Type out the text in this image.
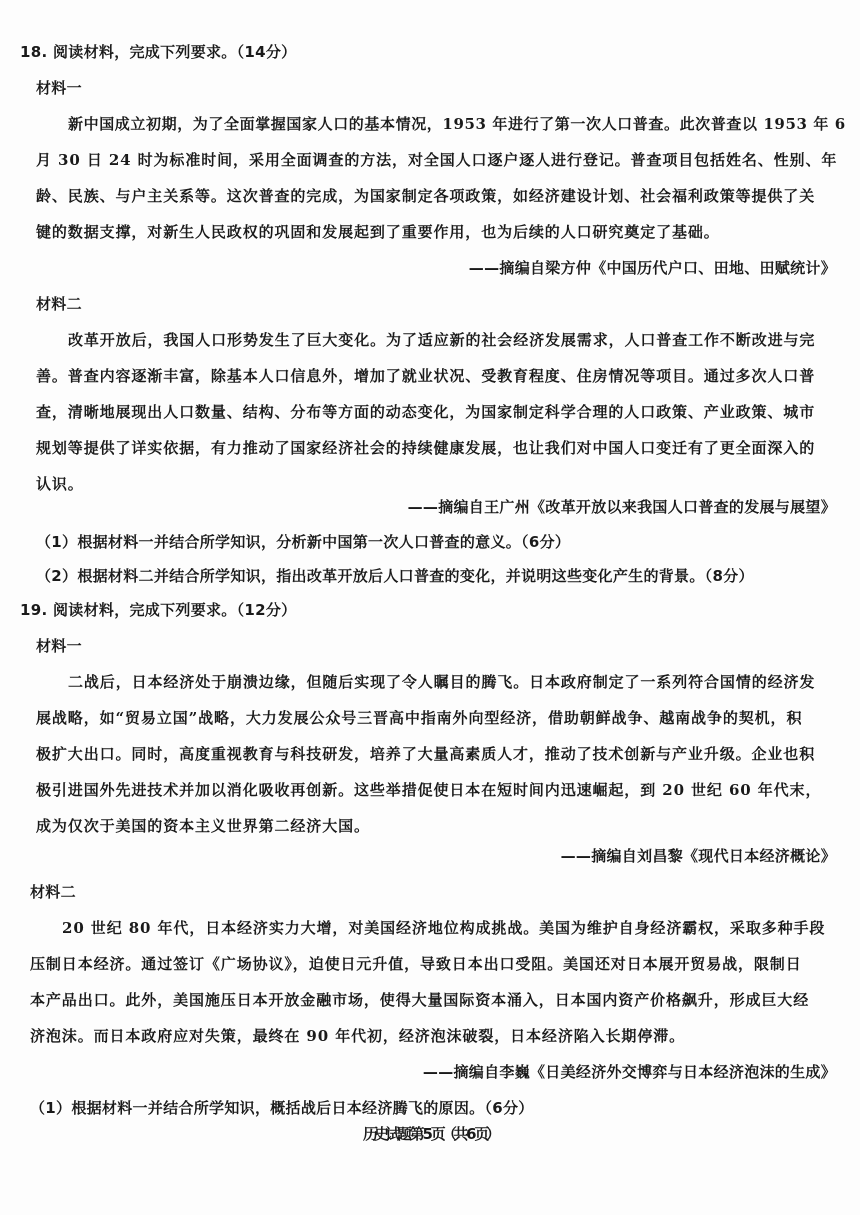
18. 阅读材料，完成下列要求。（14分）
材料一
新中国成立初期，为了全面掌握国家人口的基本情况，1953 年进行了第一次人口普查。此次普查以 1953 年 6
月 30 日 24 时为标准时间，采用全面调查的方法，对全国人口逐户逐人进行登记。普查项目包括姓名、性别、年
龄、民族、与户主关系等。这次普查的完成，为国家制定各项政策，如经济建设计划、社会福利政策等提供了关
键的数据支撑，对新生人民政权的巩固和发展起到了重要作用，也为后续的人口研究奠定了基础。
——摘编自梁方仲《中国历代户口、田地、田赋统计》
材料二
改革开放后，我国人口形势发生了巨大变化。为了适应新的社会经济发展需求，人口普查工作不断改进与完
善。普查内容逐渐丰富，除基本人口信息外，增加了就业状况、受教育程度、住房情况等项目。通过多次人口普
查，清晰地展现出人口数量、结构、分布等方面的动态变化，为国家制定科学合理的人口政策、产业政策、城市
规划等提供了详实依据，有力推动了国家经济社会的持续健康发展，也让我们对中国人口变迁有了更全面深入的
认识。
——摘编自王广州《改革开放以来我国人口普查的发展与展望》
（1）根据材料一并结合所学知识，分析新中国第一次人口普查的意义。（6分）
（2）根据材料二并结合所学知识，指出改革开放后人口普查的变化，并说明这些变化产生的背景。（8分）
19. 阅读材料，完成下列要求。（12分）
材料一
二战后，日本经济处于崩溃边缘，但随后实现了令人瞩目的腾飞。日本政府制定了一系列符合国情的经济发
展战略，如“贸易立国”战略，大力发展公众号三晋高中指南外向型经济，借助朝鲜战争、越南战争的契机，积
极扩大出口。同时，高度重视教育与科技研发，培养了大量高素质人才，推动了技术创新与产业升级。企业也积
极引进国外先进技术并加以消化吸收再创新。这些举措促使日本在短时间内迅速崛起，到 20 世纪 60 年代末，
成为仅次于美国的资本主义世界第二经济大国。
——摘编自刘昌黎《现代日本经济概论》
材料二
20 世纪 80 年代，日本经济实力大增，对美国经济地位构成挑战。美国为维护自身经济霸权，采取多种手段
压制日本经济。通过签订《广场协议》，迫使日元升值，导致日本出口受阻。美国还对日本展开贸易战，限制日
本产品出口。此外，美国施压日本开放金融市场，使得大量国际资本涌入，日本国内资产价格飙升，形成巨大经
济泡沫。而日本政府应对失策，最终在 90 年代初，经济泡沫破裂，日本经济陷入长期停滞。
——摘编自李巍《日美经济外交博弈与日本经济泡沫的生成》
（1）根据材料一并结合所学知识，概括战后日本经济腾飞的原因。（6分）
历史试题 第 5 页（共 6 页）
